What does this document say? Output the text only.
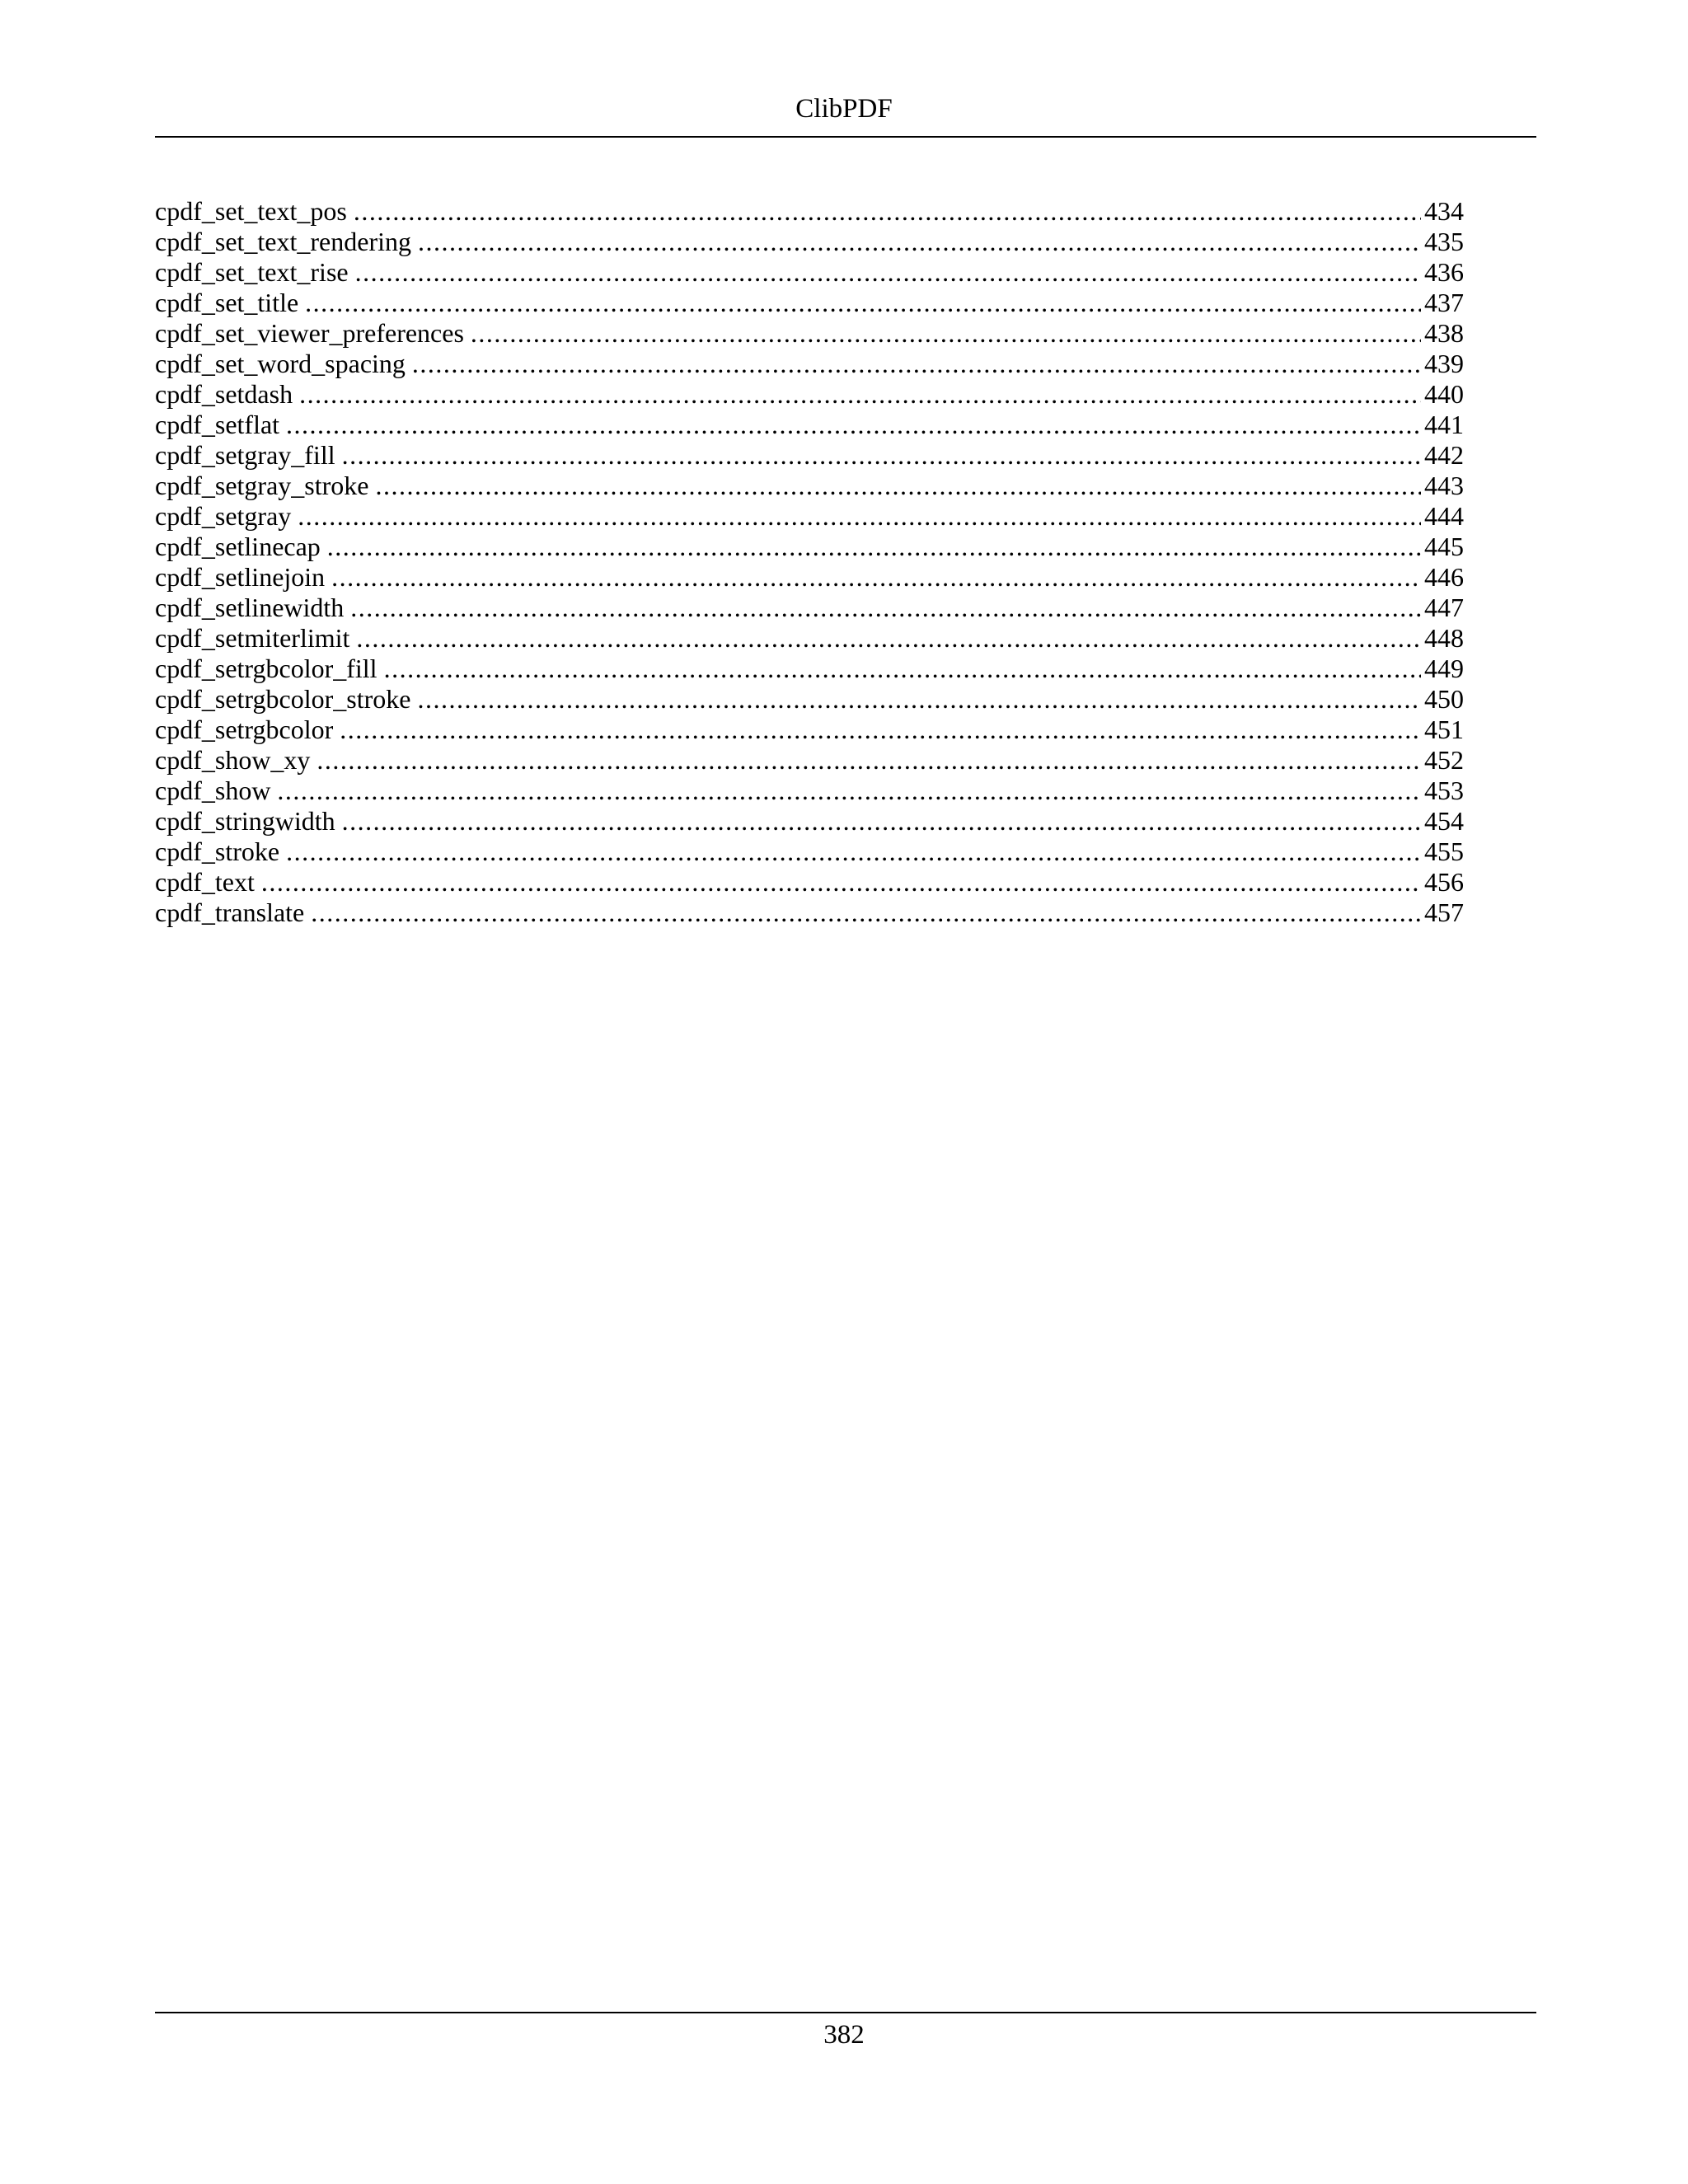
ClibPDF
cpdf_set_text_pos .....	434
cpdf_set_text_rendering .....	435
cpdf_set_text_rise .....	436
cpdf_set_title .....	437
cpdf_set_viewer_preferences .....	438
cpdf_set_word_spacing .....	439
cpdf_setdash .....	440
cpdf_setflat .....	441
cpdf_setgray_fill .....	442
cpdf_setgray_stroke .....	443
cpdf_setgray .....	444
cpdf_setlinecap .....	445
cpdf_setlinejoin .....	446
cpdf_setlinewidth .....	447
cpdf_setmiterlimit .....	448
cpdf_setrgbcolor_fill .....	449
cpdf_setrgbcolor_stroke .....	450
cpdf_setrgbcolor .....	451
cpdf_show_xy .....	452
cpdf_show .....	453
cpdf_stringwidth .....	454
cpdf_stroke .....	455
cpdf_text .....	456
cpdf_translate .....	457
382
